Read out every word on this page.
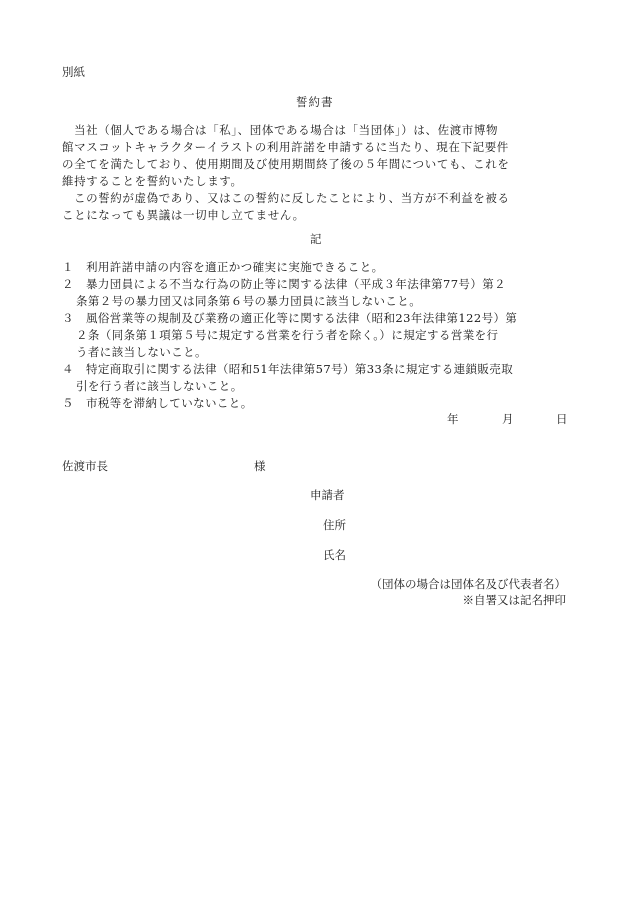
別紙
誓約書
当社（個人である場合は「私」、団体である場合は「当団体」）は、佐渡市博物
館マスコットキャラクターイラストの利用許諾を申請するに当たり、現在下記要件
の全てを満たしており、使用期間及び使用期間終了後の５年間についても、これを
維持することを誓約いたします。
この誓約が虚偽であり、又はこの誓約に反したことにより、当方が不利益を被る
ことになっても異議は一切申し立てません。
記
１ 利用許諾申請の内容を適正かつ確実に実施できること。
２ 暴力団員による不当な行為の防止等に関する法律（平成３年法律第77号）第２
条第２号の暴力団又は同条第６号の暴力団員に該当しないこと。
３ 風俗営業等の規制及び業務の適正化等に関する法律（昭和23年法律第122号）第
２条（同条第１項第５号に規定する営業を行う者を除く。）に規定する営業を行
う者に該当しないこと。
４ 特定商取引に関する法律（昭和51年法律第57号）第33条に規定する連鎖販売取
引を行う者に該当しないこと。
５ 市税等を滞納していないこと。
年	月	日
佐渡市長	様
申請者
住所
氏名
（団体の場合は団体名及び代表者名）
※自署又は記名押印
